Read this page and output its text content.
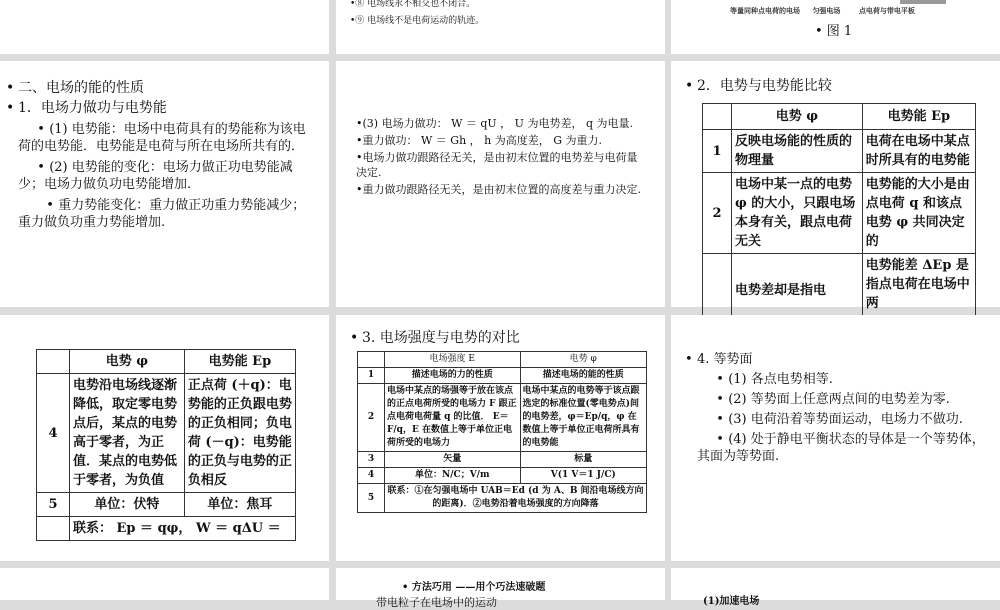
•⑧ 电场线永不相交也不闭合。
•⑨ 电场线不是电荷运动的轨迹。
等量同种点电荷的电场 匀强电场	点电荷与带电平板
• 图 1

• 二、电场的能的性质

• 1．电场力做功与电势能

• (1) 电势能：电场中电荷具有的势能称为该电荷的电势能．电势能是电荷与所在电场所共有的．

• (2) 电势能的变化：电场力做正功电势能减少；电场力做负功电势能增加.

• 重力势能变化：重力做正功重力势能减少；重力做负功重力势能增加.

•(3) 电场力做功： W ＝ qU ， U 为电势差， q 为电量.

•重力做功： W ＝ Gh ， h 为高度差， G 为重力.

•电场力做功跟路径无关，是由初末位置的电势差与电荷量决定.

•重力做功跟路径无关，是由初末位置的高度差与重力决定.

• 2．电势与电势能比较

	电势 φ	电势能 Ep
1	反映电场能的性质的物理量	电荷在电场中某点时所具有的电势能
2	电场中某一点的电势 φ 的大小，只跟电场本身有关，跟点电荷无关	电势能的大小是由点电荷 q 和该点电势 φ 共同决定的
	电势差却是指电	电势能差 ΔEp 是指点电荷在电场中两
	电势 φ	电势能 Ep
4	电势沿电场线逐渐降低，取定零电势点后，某点的电势高于零者，为正值．某点的电势低于零者，为负值	正点荷 (＋q)：电势能的正负跟电势的正负相同；负电荷 (－q)：电势能的正负与电势的正负相反
5	单位：伏特	单位：焦耳
	联系： Ep ＝ qφ， W ＝ qΔU ＝	

• 3. 电场强度与电势的对比

	电场强度 E	电势 φ
1	描述电场的力的性质	描述电场的能的性质
2	电场中某点的场强等于放在该点的正点电荷所受的电场力 F 跟正点电荷电荷量 q 的比值． E＝F/q，E 在数值上等于单位正电荷所受的电场力	电场中某点的电势等于该点跟选定的标准位置(零电势点)间的电势差，φ＝Ep/q，φ 在数值上等于单位正电荷所具有的电势能
3	矢量	标量
4	单位：N/C；V/m	V(1 V＝1 J/C)
5	联系：①在匀强电场中 UAB＝Ed (d 为 A、B 间沿电场线方向的距离)．②电势沿着电场强度的方向降落	

• 4. 等势面

• (1) 各点电势相等.

• (2) 等势面上任意两点间的电势差为零.

• (3) 电荷沿着等势面运动，电场力不做功.

• (4) 处于静电平衡状态的导体是一个等势体，其面为等势面.

• 方法巧用 ——用个巧法速破题
带电粒子在电场中的运动	(1)加速电场
